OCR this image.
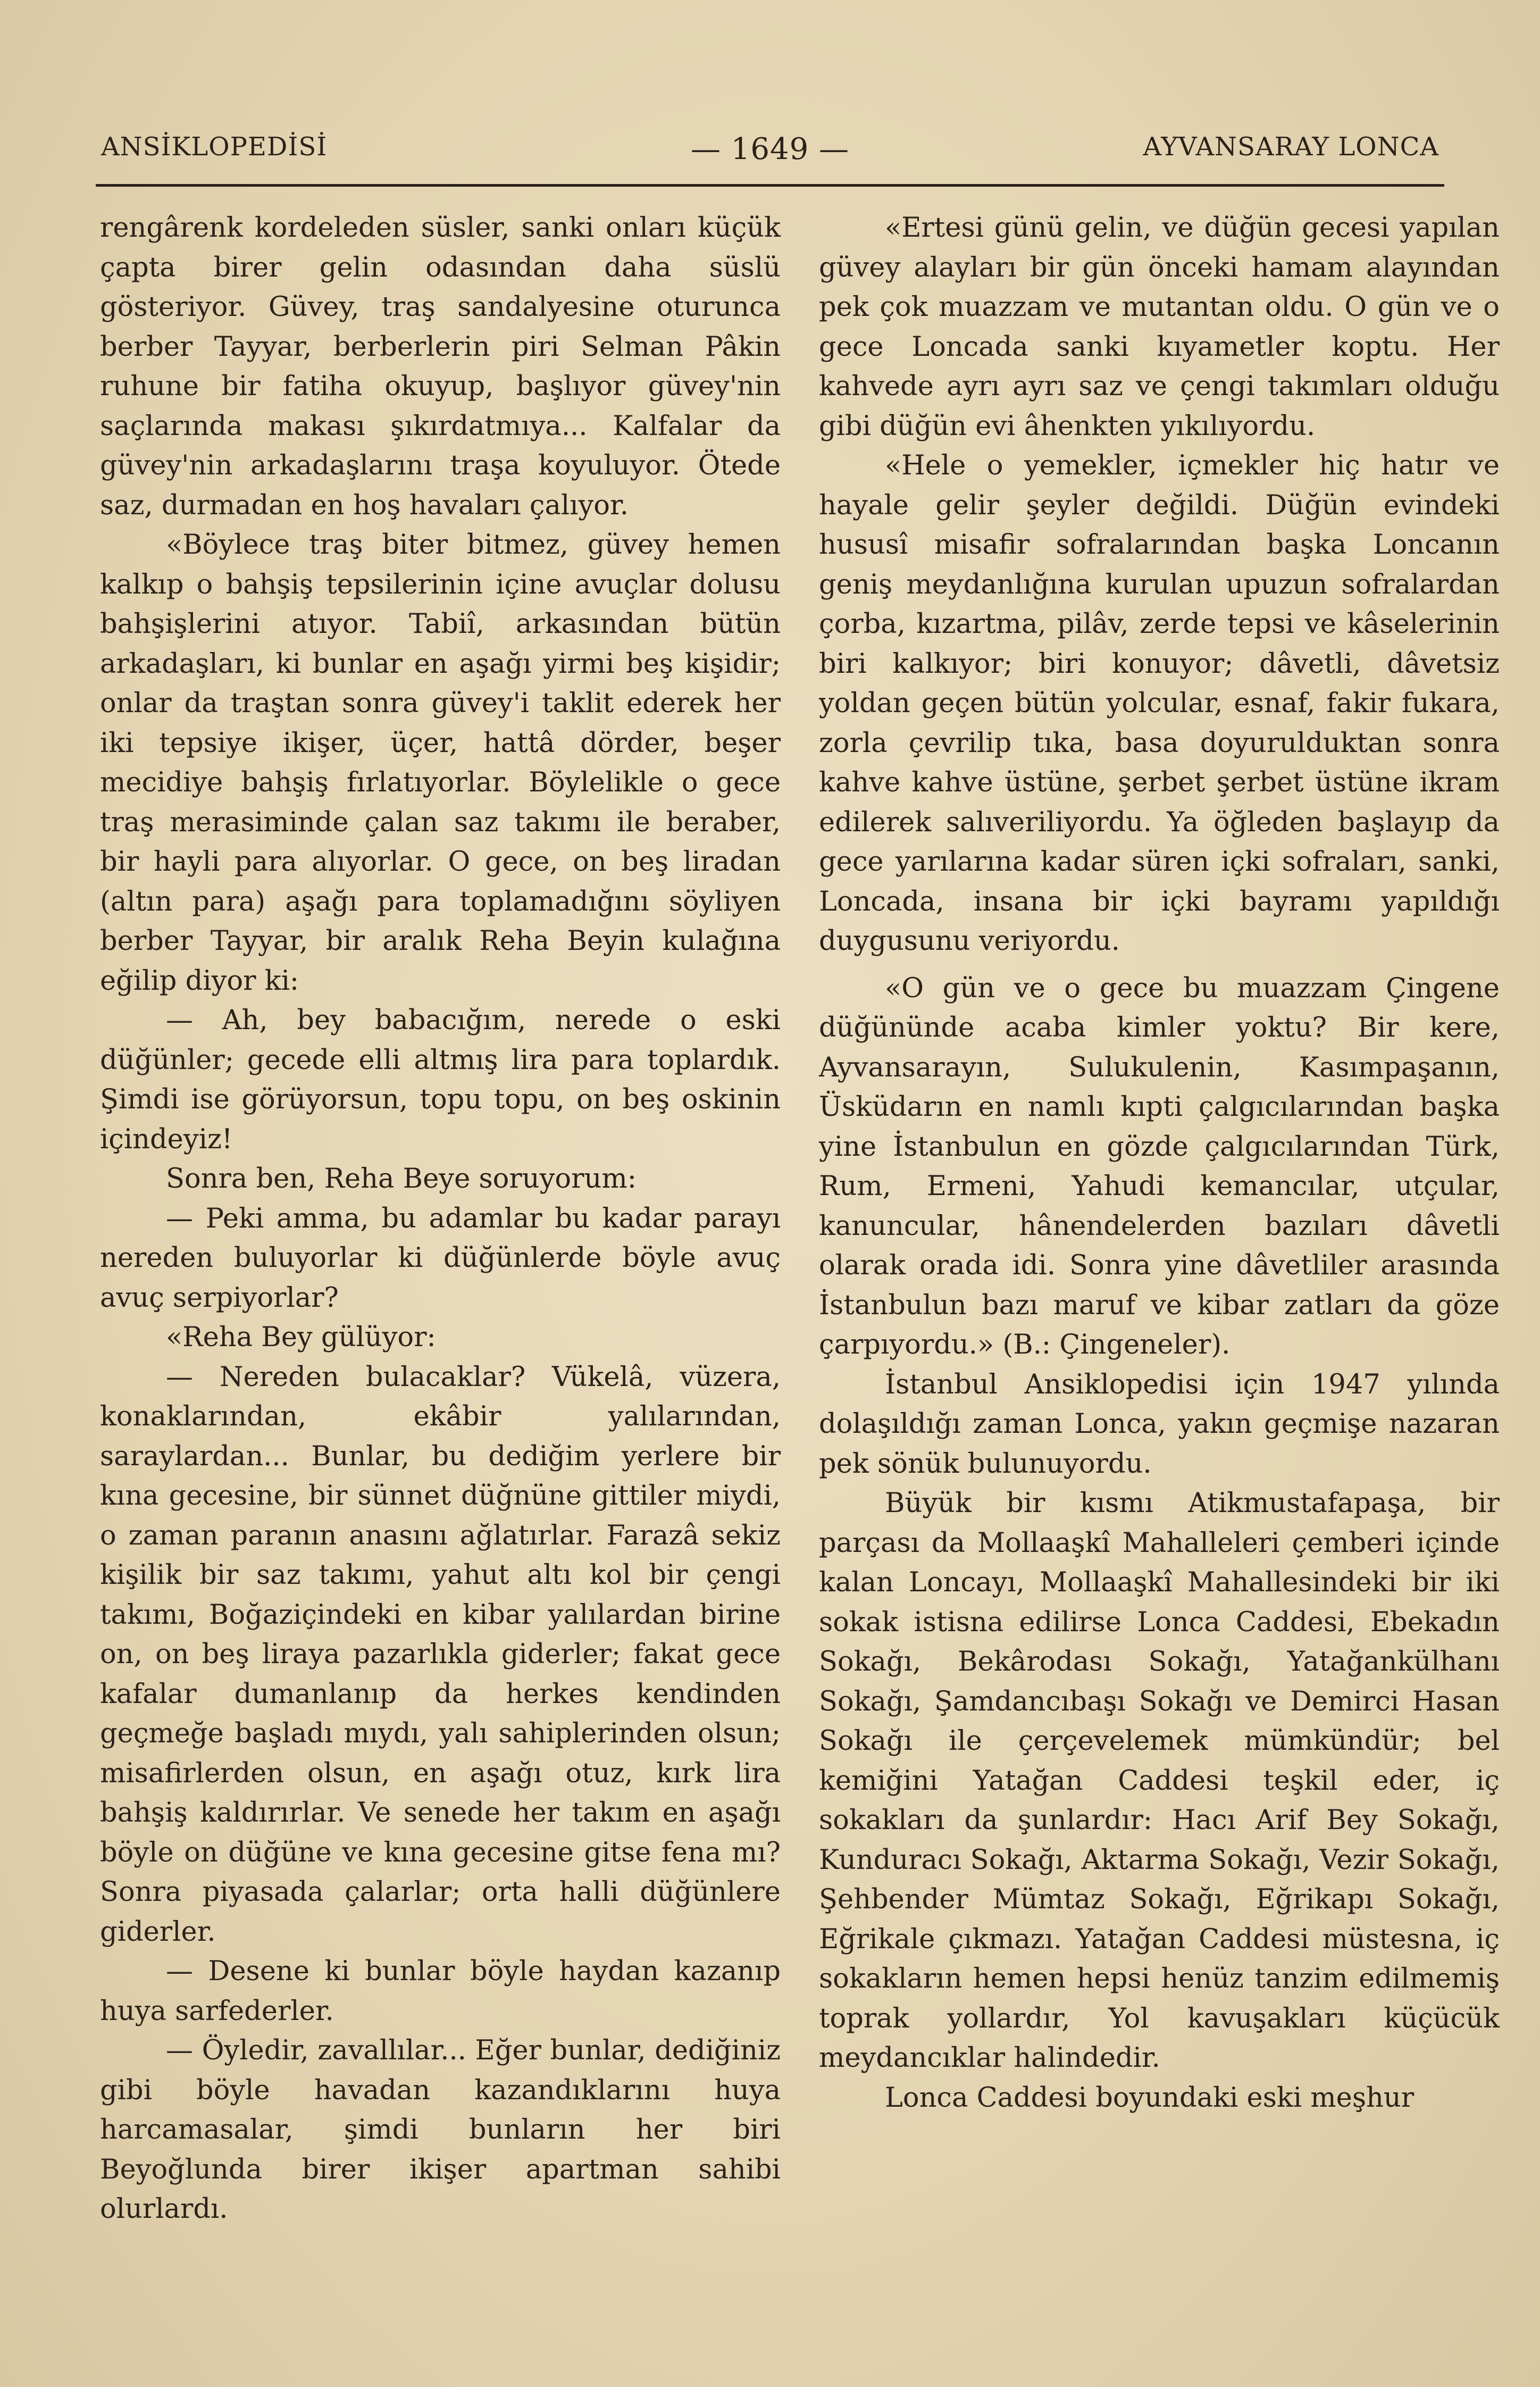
ANSİKLOPEDİSİ	— 1649 —	AYVANSARAY LONCA

rengârenk kordeleden süsler, sanki onları küçük çapta birer gelin odasından daha süslü gösteriyor. Güvey, traş sandalyesine oturunca berber Tayyar, berberlerin piri Selman Pâkin ruhune bir fatiha okuyup, başlıyor güvey'nin saçlarında makası şıkırdatmıya... Kalfalar da güvey'nin arkadaşlarını traşa koyuluyor. Ötede saz, durmadan en hoş havaları çalıyor.

«Böylece traş biter bitmez, güvey hemen kalkıp o bahşiş tepsilerinin içine avuçlar dolusu bahşişlerini atıyor. Tabiî, arkasından bütün arkadaşları, ki bunlar en aşağı yirmi beş kişidir; onlar da traştan sonra güvey'i taklit ederek her iki tepsiye ikişer, üçer, hattâ dörder, beşer mecidiye bahşiş fırlatıyorlar. Böylelikle o gece traş merasiminde çalan saz takımı ile beraber, bir hayli para alıyorlar. O gece, on beş liradan (altın para) aşağı para toplamadığını söyliyen berber Tayyar, bir aralık Reha Beyin kulağına eğilip diyor ki:

— Ah, bey babacığım, nerede o eski düğünler; gecede elli altmış lira para toplardık. Şimdi ise görüyorsun, topu topu, on beş oskinin içindeyiz!

Sonra ben, Reha Beye soruyorum:

— Peki amma, bu adamlar bu kadar parayı nereden buluyorlar ki düğünlerde böyle avuç avuç serpiyorlar?

«Reha Bey gülüyor:

— Nereden bulacaklar? Vükelâ, vüzera, konaklarından, ekâbir yalılarından, saraylardan... Bunlar, bu dediğim yerlere bir kına gecesine, bir sünnet düğnüne gittiler miydi, o zaman paranın anasını ağlatırlar. Farazâ sekiz kişilik bir saz takımı, yahut altı kol bir çengi takımı, Boğaziçindeki en kibar yalılardan birine on, on beş liraya pazarlıkla giderler; fakat gece kafalar dumanlanıp da herkes kendinden geçmeğe başladı mıydı, yalı sahiplerinden olsun; misafirlerden olsun, en aşağı otuz, kırk lira bahşiş kaldırırlar. Ve senede her takım en aşağı böyle on düğüne ve kına gecesine gitse fena mı? Sonra piyasada çalarlar; orta halli düğünlere giderler.

— Desene ki bunlar böyle haydan kazanıp huya sarfederler.

— Öyledir, zavallılar... Eğer bunlar, dediğiniz gibi böyle havadan kazandıklarını huya harcamasalar, şimdi bunların her biri Beyoğlunda birer ikişer apartman sahibi olurlardı.

«Ertesi günü gelin, ve düğün gecesi yapılan güvey alayları bir gün önceki hamam alayından pek çok muazzam ve mutantan oldu. O gün ve o gece Loncada sanki kıyametler koptu. Her kahvede ayrı ayrı saz ve çengi takımları olduğu gibi düğün evi âhenkten yıkılıyordu.

«Hele o yemekler, içmekler hiç hatır ve hayale gelir şeyler değildi. Düğün evindeki hususî misafir sofralarından başka Loncanın geniş meydanlığına kurulan upuzun sofralardan çorba, kızartma, pilâv, zerde tepsi ve kâselerinin biri kalkıyor; biri konuyor; dâvetli, dâvetsiz yoldan geçen bütün yolcular, esnaf, fakir fukara, zorla çevrilip tıka, basa doyurulduktan sonra kahve kahve üstüne, şerbet şerbet üstüne ikram edilerek salıveriliyordu. Ya öğleden başlayıp da gece yarılarına kadar süren içki sofraları, sanki, Loncada, insana bir içki bayramı yapıldığı duygusunu veriyordu.

«O gün ve o gece bu muazzam Çingene düğününde acaba kimler yoktu? Bir kere, Ayvansarayın, Sulukulenin, Kasımpaşanın, Üsküdarın en namlı kıpti çalgıcılarından başka yine İstanbulun en gözde çalgıcılarından Türk, Rum, Ermeni, Yahudi kemancılar, utçular, kanuncular, hânendelerden bazıları dâvetli olarak orada idi. Sonra yine dâvetliler arasında İstanbulun bazı maruf ve kibar zatları da göze çarpıyordu.» (B.: Çingeneler).

İstanbul Ansiklopedisi için 1947 yılında dolaşıldığı zaman Lonca, yakın geçmişe nazaran pek sönük bulunuyordu.

Büyük bir kısmı Atikmustafapaşa, bir parçası da Mollaaşkî Mahalleleri çemberi içinde kalan Loncayı, Mollaaşkî Mahallesindeki bir iki sokak istisna edilirse Lonca Caddesi, Ebekadın Sokağı, Bekârodası Sokağı, Yatağankülhanı Sokağı, Şamdancıbaşı Sokağı ve Demirci Hasan Sokağı ile çerçevelemek mümkündür; bel kemiğini Yatağan Caddesi teşkil eder, iç sokakları da şunlardır: Hacı Arif Bey Sokağı, Kunduracı Sokağı, Aktarma Sokağı, Vezir Sokağı, Şehbender Mümtaz Sokağı, Eğrikapı Sokağı, Eğrikale çıkmazı. Yatağan Caddesi müstesna, iç sokakların hemen hepsi henüz tanzim edilmemiş toprak yollardır, Yol kavuşakları küçücük meydancıklar halindedir.

Lonca Caddesi boyundaki eski meşhur
